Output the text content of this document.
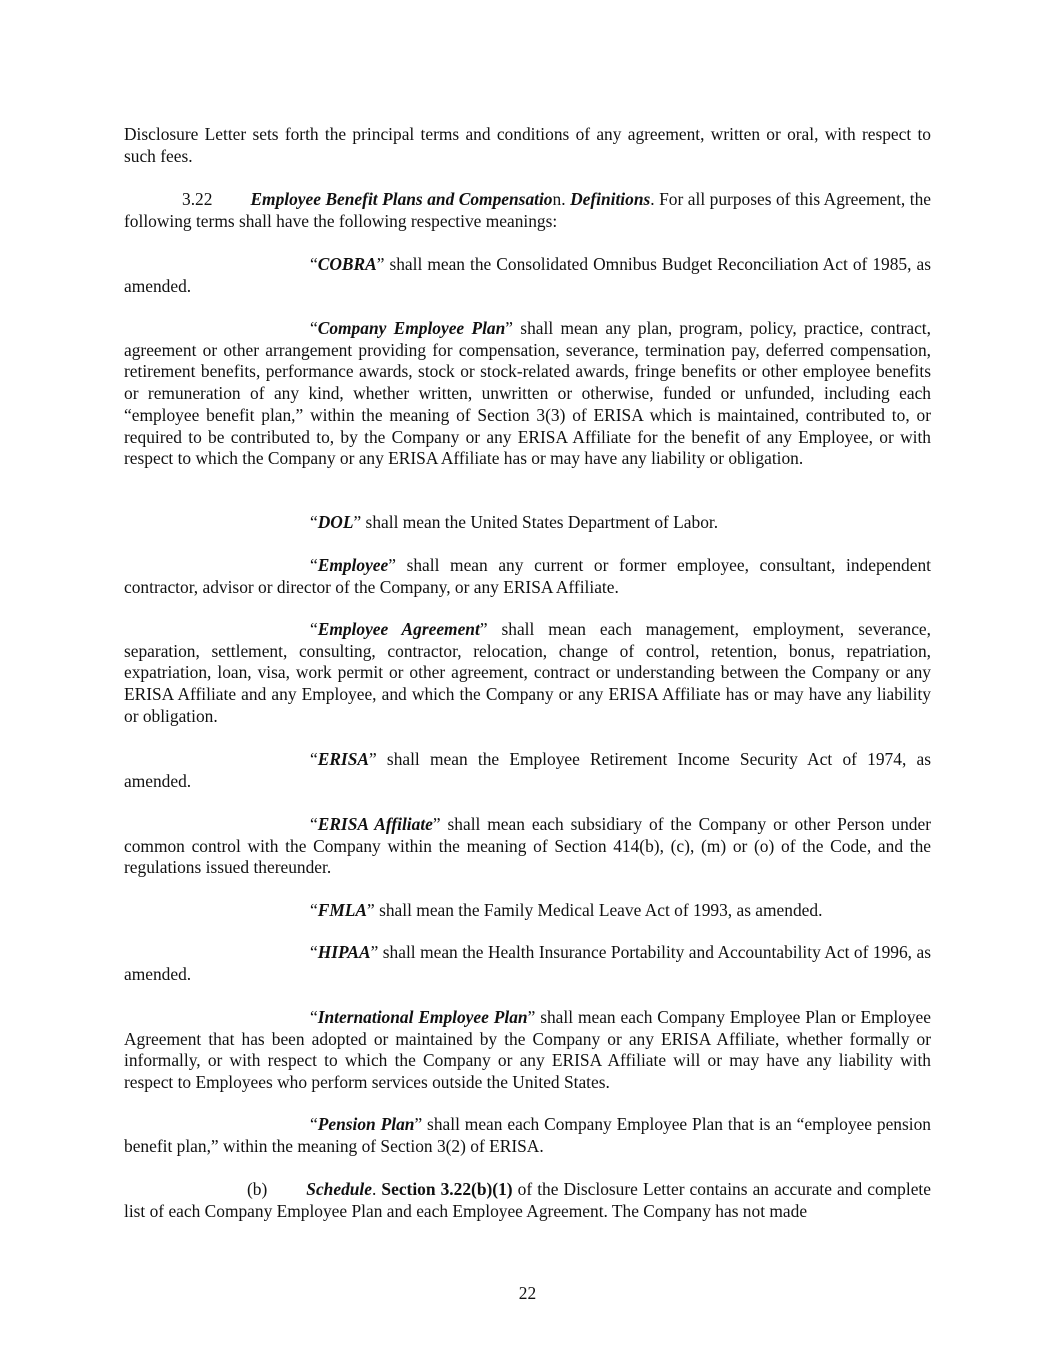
Disclosure Letter sets forth the principal terms and conditions of any agreement, written or oral, with respect to such fees.

3.22 Employee Benefit Plans and Compensation. Definitions. For all purposes of this Agreement, the following terms shall have the following respective meanings:

“COBRA” shall mean the Consolidated Omnibus Budget Reconciliation Act of 1985, as amended.

“Company Employee Plan” shall mean any plan, program, policy, practice, contract, agreement or other arrangement providing for compensation, severance, termination pay, deferred compensation, retirement benefits, performance awards, stock or stock-related awards, fringe benefits or other employee benefits or remuneration of any kind, whether written, unwritten or otherwise, funded or unfunded, including each “employee benefit plan,” within the meaning of Section 3(3) of ERISA which is maintained, contributed to, or required to be contributed to, by the Company or any ERISA Affiliate for the benefit of any Employee, or with respect to which the Company or any ERISA Affiliate has or may have any liability or obligation.

“DOL” shall mean the United States Department of Labor.

“Employee” shall mean any current or former employee, consultant, independent contractor, advisor or director of the Company, or any ERISA Affiliate.

“Employee Agreement” shall mean each management, employment, severance, separation, settlement, consulting, contractor, relocation, change of control, retention, bonus, repatriation, expatriation, loan, visa, work permit or other agreement, contract or understanding between the Company or any ERISA Affiliate and any Employee, and which the Company or any ERISA Affiliate has or may have any liability or obligation.

“ERISA” shall mean the Employee Retirement Income Security Act of 1974, as amended.

“ERISA Affiliate” shall mean each subsidiary of the Company or other Person under common control with the Company within the meaning of Section 414(b), (c), (m) or (o) of the Code, and the regulations issued thereunder.

“FMLA” shall mean the Family Medical Leave Act of 1993, as amended.

“HIPAA” shall mean the Health Insurance Portability and Accountability Act of 1996, as amended.

“International Employee Plan” shall mean each Company Employee Plan or Employee Agreement that has been adopted or maintained by the Company or any ERISA Affiliate, whether formally or informally, or with respect to which the Company or any ERISA Affiliate will or may have any liability with respect to Employees who perform services outside the United States.

“Pension Plan” shall mean each Company Employee Plan that is an “employee pension benefit plan,” within the meaning of Section 3(2) of ERISA.

(b) Schedule. Section 3.22(b)(1) of the Disclosure Letter contains an accurate and complete list of each Company Employee Plan and each Employee Agreement. The Company has not made

22
